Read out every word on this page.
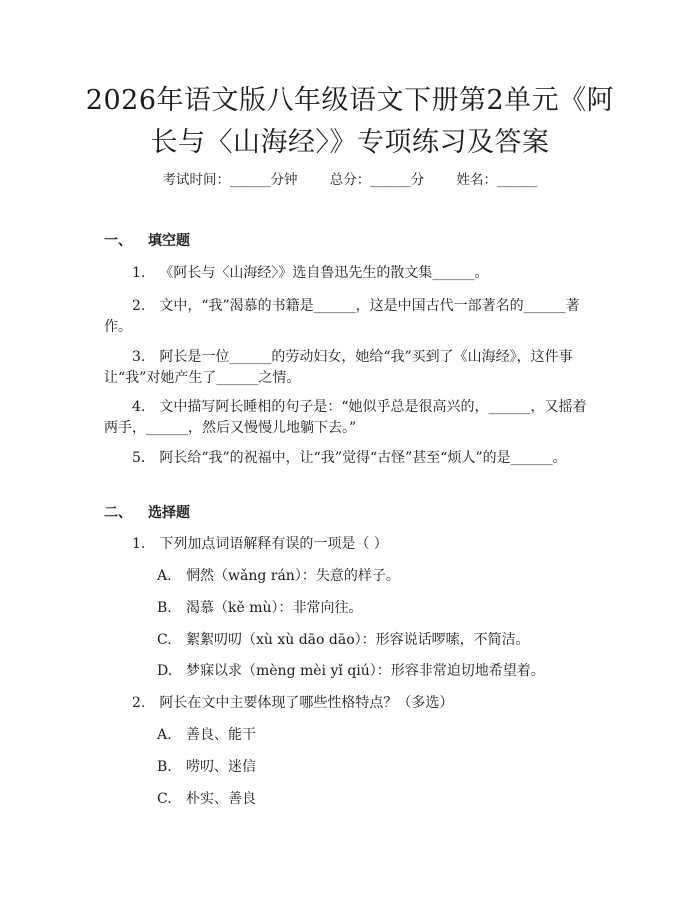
2026年语文版八年级语文下册第2单元《阿
长与〈山海经〉》专项练习及答案
考试时间：______分钟 总分：______分 姓名：______
一、 填空题
1. 《阿长与〈山海经〉》选自鲁迅先生的散文集______。
2. 文中，“我”渴慕的书籍是______，这是中国古代一部著名的______著作。
3. 阿长是一位______的劳动妇女，她给“我”买到了《山海经》，这件事让“我”对她产生了______之情。
4. 文中描写阿长睡相的句子是：“她似乎总是很高兴的，______，又摇着两手，______，然后又慢慢儿地躺下去。”
5. 阿长给“我”的祝福中，让“我”觉得“古怪”甚至“烦人”的是______。
二、 选择题
1. 下列加点词语解释有误的一项是（ ）
A. 惘然（wǎng rán）：失意的样子。
B. 渴慕（kě mù）：非常向往。
C. 絮絮叨叨（xù xù dāo dāo）：形容说话啰嗦，不简洁。
D. 梦寐以求（mèng mèi yǐ qiú）：形容非常迫切地希望着。
2. 阿长在文中主要体现了哪些性格特点？（多选）
A. 善良、能干
B. 唠叨、迷信
C. 朴实、善良
